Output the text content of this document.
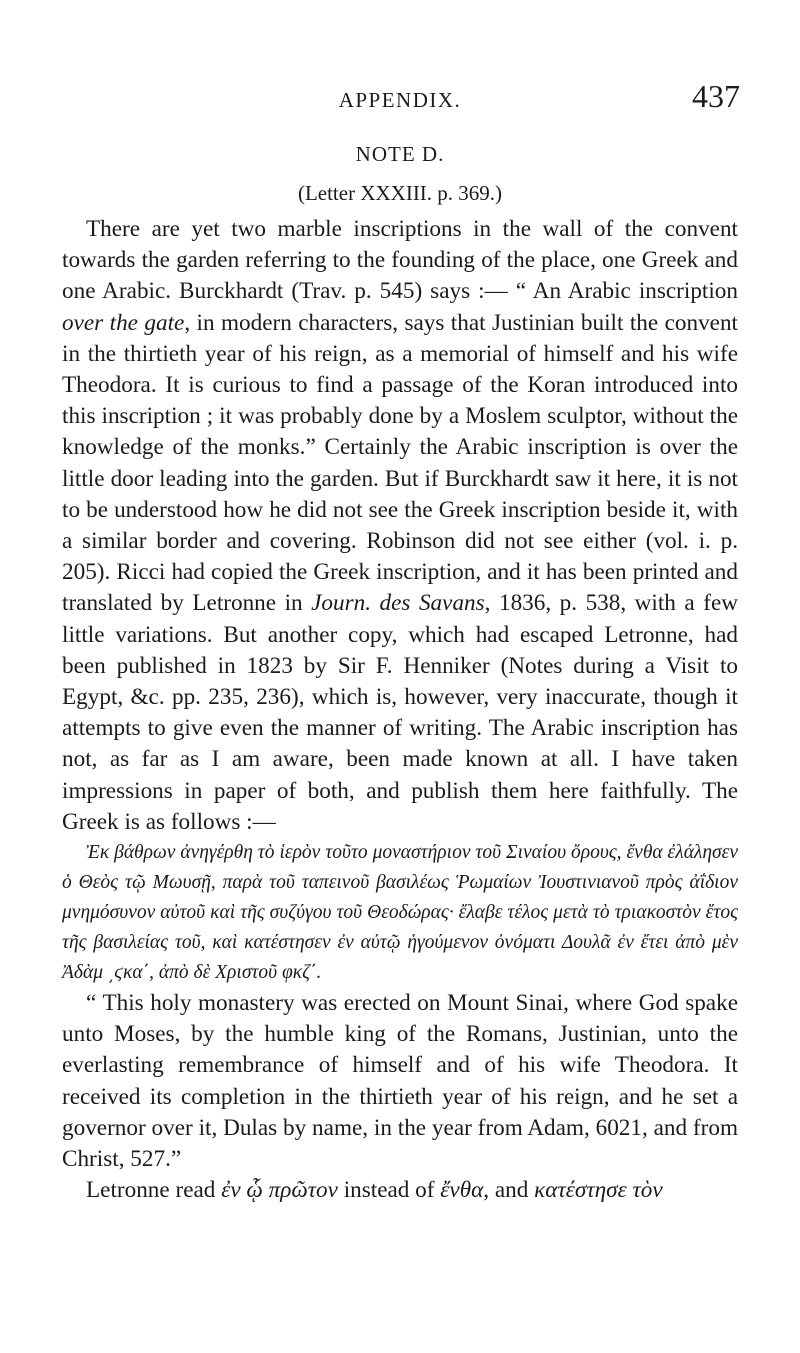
APPENDIX.	437
NOTE D.
(Letter XXXIII. p. 369.)

There are yet two marble inscriptions in the wall of the convent towards the garden referring to the founding of the place, one Greek and one Arabic. Burckhardt (Trav. p. 545) says :— “ An Arabic inscription over the gate, in modern characters, says that Justinian built the convent in the thirtieth year of his reign, as a memorial of himself and his wife Theodora. It is curious to find a passage of the Koran introduced into this inscription ; it was probably done by a Moslem sculptor, without the knowledge of the monks.” Certainly the Arabic inscription is over the little door leading into the garden. But if Burckhardt saw it here, it is not to be understood how he did not see the Greek inscription beside it, with a similar border and covering. Robinson did not see either (vol. i. p. 205). Ricci had copied the Greek inscription, and it has been printed and translated by Letronne in Journ. des Savans, 1836, p. 538, with a few little variations. But another copy, which had escaped Letronne, had been published in 1823 by Sir F. Henniker (Notes during a Visit to Egypt, &c. pp. 235, 236), which is, however, very inaccurate, though it attempts to give even the manner of writing. The Arabic inscription has not, as far as I am aware, been made known at all. I have taken impressions in paper of both, and publish them here faithfully. The Greek is as follows :—

Ἐκ βάθρων ἀνηγέρθη τὸ ἱερὸν τοῦτο μοναστήριον τοῦ Σιναίου ὄρους, ἔνθα ἐλάλησεν ὁ Θεὸς τῷ Μωυσῇ, παρὰ τοῦ ταπεινοῦ βασιλέως Ῥωμαίων Ἰουστινιανοῦ πρὸς ἀΐδιον μνημόσυνον αὐτοῦ καὶ τῆς συζύγου τοῦ Θεοδώρας· ἔλαβε τέλος μετὰ τὸ τριακοστὸν ἔτος τῆς βασιλείας τοῦ, καὶ κατέστησεν ἐν αὐτῷ ἡγούμενον ὀνόματι Δουλᾶ ἐν ἔτει ἀπὸ μὲν Ἀδὰμ ͵ϛκα΄, ἀπὸ δὲ Χριστοῦ φκζ΄.

“ This holy monastery was erected on Mount Sinai, where God spake unto Moses, by the humble king of the Romans, Justinian, unto the everlasting remembrance of himself and of his wife Theodora. It received its completion in the thirtieth year of his reign, and he set a governor over it, Dulas by name, in the year from Adam, 6021, and from Christ, 527.”

Letronne read ἐν ᾧ πρῶτον instead of ἔνθα, and κατέστησε τὸν
